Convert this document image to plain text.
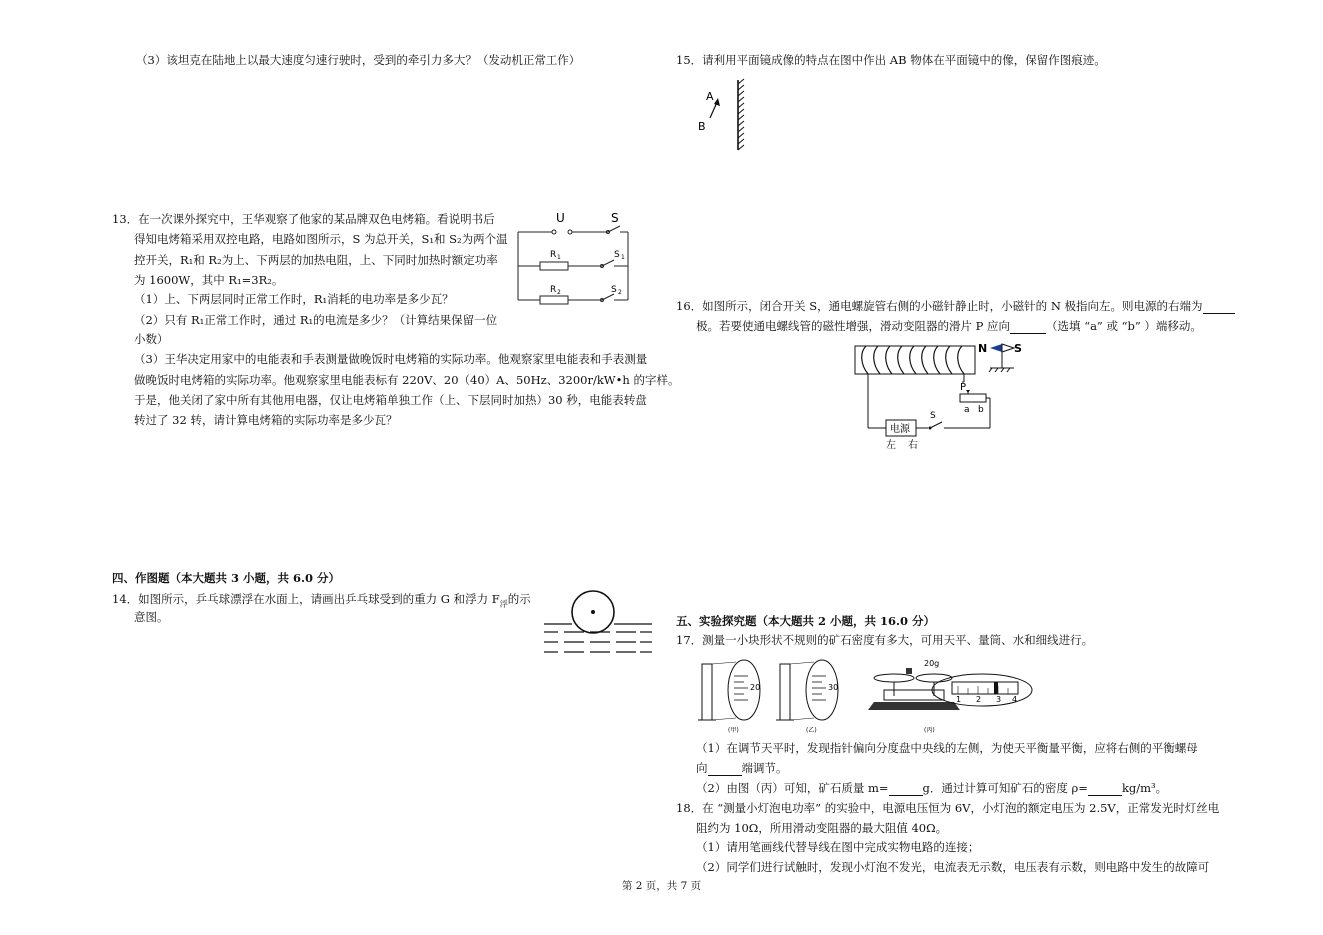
（3）该坦克在陆地上以最大速度匀速行驶时，受到的牵引力多大？（发动机正常工作）
13．在一次课外探究中，王华观察了他家的某品牌双色电烤箱。看说明书后
得知电烤箱采用双控电路，电路如图所示，S 为总开关，S₁和 S₂为两个温
控开关，R₁和 R₂为上、下两层的加热电阻，上、下同时加热时额定功率
为 1600W，其中 R₁=3R₂。
（1）上、下两层同时正常工作时，R₁消耗的电功率是多少瓦？
（2）只有 R₁正常工作时，通过 R₁的电流是多少？（计算结果保留一位
小数）
（3）王华决定用家中的电能表和手表测量做晚饭时电烤箱的实际功率。他观察家里电能表和手表测量
做晚饭时电烤箱的实际功率。他观察家里电能表标有 220V、20（40）A、50Hz、3200r/kW•h 的字样。
于是，他关闭了家中所有其他用电器，仅让电烤箱单独工作（上、下层同时加热）30 秒，电能表转盘
转过了 32 转，请计算电烤箱的实际功率是多少瓦？
U	S
R 1	S 1
R 2	S 2
四、作图题（本大题共 3 小题，共 6.0 分）
14．如图所示，乒乓球漂浮在水面上，请画出乒乓球受到的重力 G 和浮力 $F_浮$的示
意图。
15．请利用平面镜成像的特点在图中作出 AB 物体在平面镜中的像，保留作图痕迹。
A
B
16．如图所示，闭合开关 S，通电螺旋管右侧的小磁针静止时，小磁针的 N 极指向左。则电源的右端为
极。若要使通电螺线管的磁性增强，滑动变阻器的滑片 P 应向	（选填 “a” 或 “b” ）端移动。
N S
P
a b
电源
S
左 右
五、实验探究题（本大题共 2 小题，共 16.0 分）
17．测量一小块形状不规则的矿石密度有多大，可用天平、量筒、水和细线进行。
20
(甲)
30
(乙)
20g
1 2 3 4
(丙)
（1）在调节天平时，发现指针偏向分度盘中央线的左侧，为使天平衡量平衡，应将右侧的平衡螺母
向	端调节。
（2）由图（丙）可知，矿石质量 m=	g．通过计算可知矿石的密度 ρ=	kg/m³。
18．在 “测量小灯泡电功率” 的实验中，电源电压恒为 6V，小灯泡的额定电压为 2.5V，正常发光时灯丝电
阻约为 10Ω，所用滑动变阻器的最大阻值 40Ω。
（1）请用笔画线代替导线在图中完成实物电路的连接；
（2）同学们进行试触时，发现小灯泡不发光，电流表无示数，电压表有示数，则电路中发生的故障可
第 2 页，共 7 页
